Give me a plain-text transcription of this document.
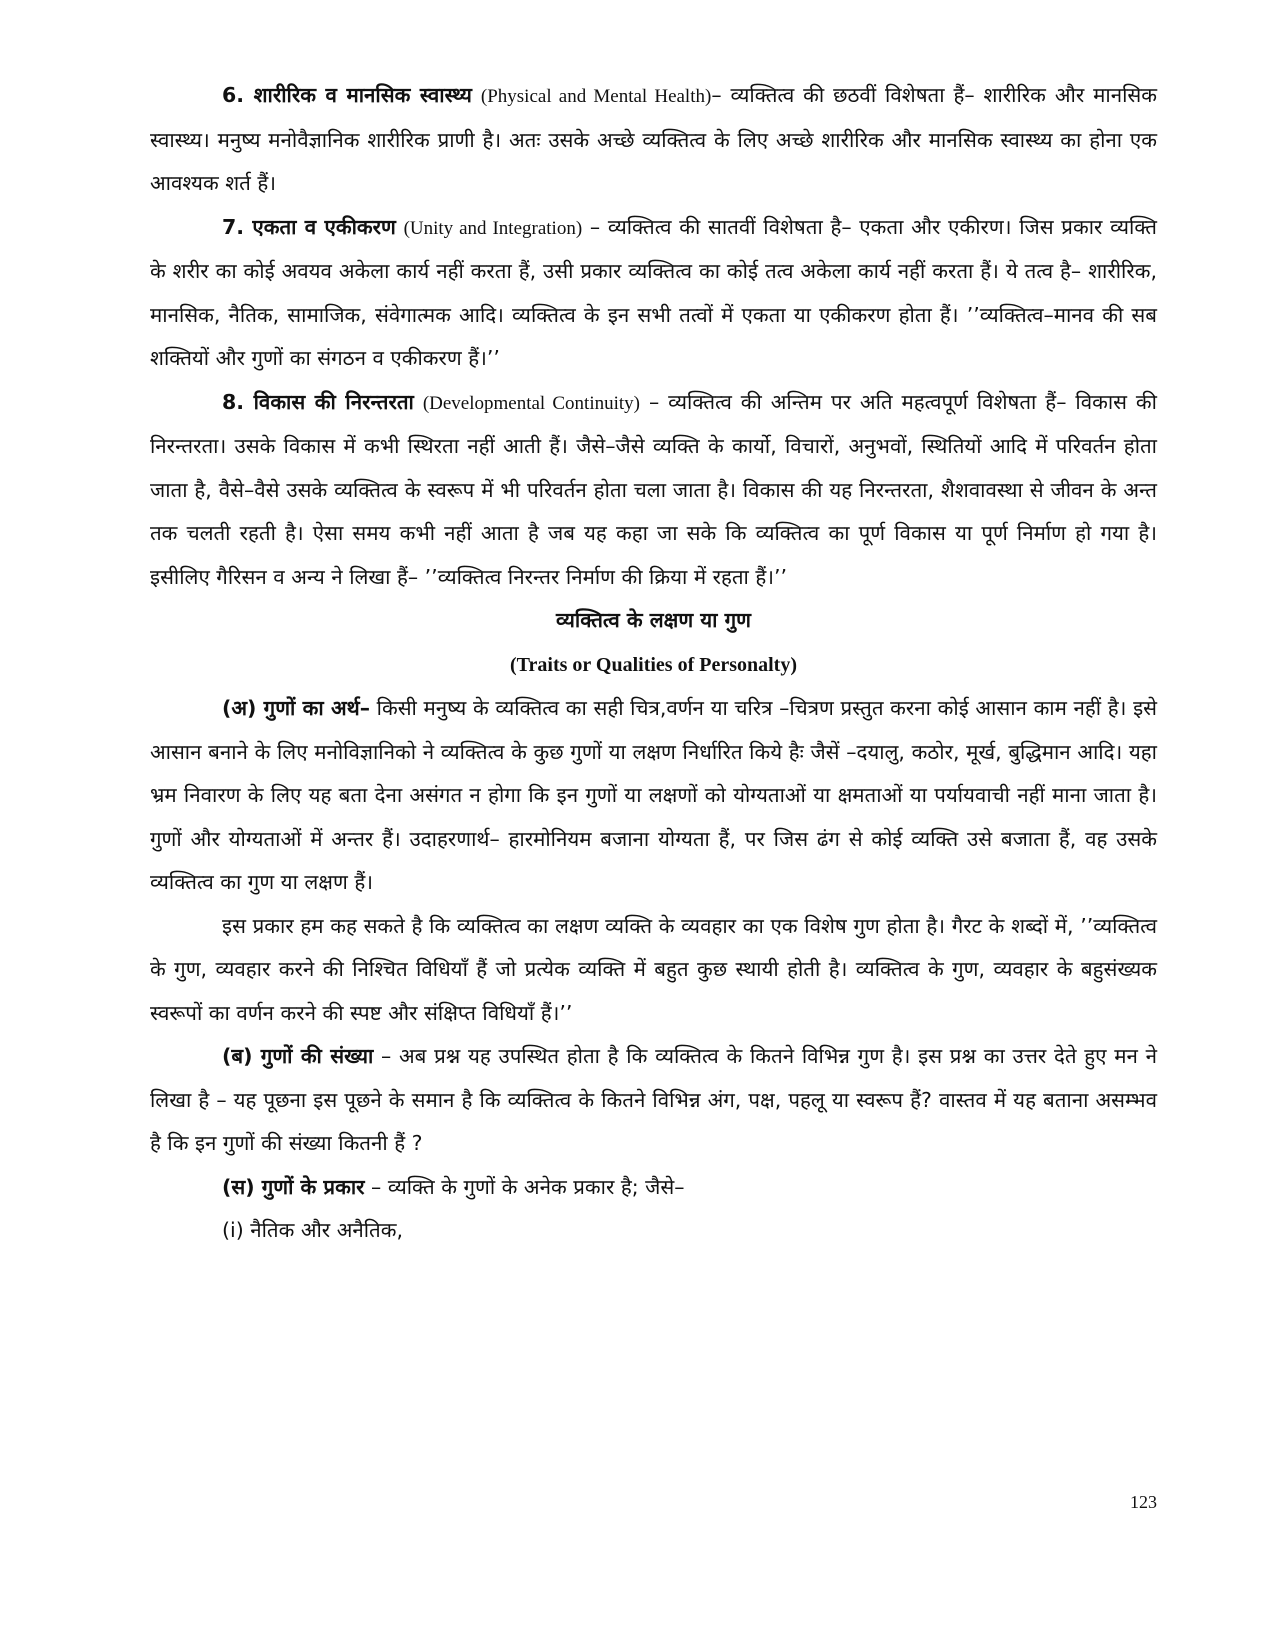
6. शारीरिक व मानसिक स्वास्थ्य (Physical and Mental Health)– व्यक्तित्व की छठवीं विशेषता हैं– शारीरिक और मानसिक स्वास्थ्य। मनुष्य मनोवैज्ञानिक शारीरिक प्राणी है। अतः उसके अच्छे व्यक्तित्व के लिए अच्छे शारीरिक और मानसिक स्वास्थ्य का होना एक आवश्यक शर्त हैं।

7. एकता व एकीकरण (Unity and Integration) – व्यक्तित्व की सातवीं विशेषता है– एकता और एकीरण। जिस प्रकार व्यक्ति के शरीर का कोई अवयव अकेला कार्य नहीं करता हैं, उसी प्रकार व्यक्तित्व का कोई तत्व अकेला कार्य नहीं करता हैं। ये तत्व है– शारीरिक, मानसिक, नैतिक, सामाजिक, संवेगात्मक आदि। व्यक्तित्व के इन सभी तत्वों में एकता या एकीकरण होता हैं। ’’व्यक्तित्व–मानव की सब शक्तियों और गुणों का संगठन व एकीकरण हैं।’’

8. विकास की निरन्तरता (Developmental Continuity) – व्यक्तित्व की अन्तिम पर अति महत्वपूर्ण विशेषता हैं– विकास की निरन्तरता। उसके विकास में कभी स्थिरता नहीं आती हैं। जैसे–जैसे व्यक्ति के कार्यो, विचारों, अनुभवों, स्थितियों आदि में परिवर्तन होता जाता है, वैसे–वैसे उसके व्यक्तित्व के स्वरूप में भी परिवर्तन होता चला जाता है। विकास की यह निरन्तरता, शैशवावस्था से जीवन के अन्त तक चलती रहती है। ऐसा समय कभी नहीं आता है जब यह कहा जा सके कि व्यक्तित्व का पूर्ण विकास या पूर्ण निर्माण हो गया है। इसीलिए गैरिसन व अन्य ने लिखा हैं– ’’व्यक्तित्व निरन्तर निर्माण की क्रिया में रहता हैं।’’

व्यक्तित्व के लक्षण या गुण

(Traits or Qualities of Personalty)

(अ) गुणों का अर्थ– किसी मनुष्य के व्यक्तित्व का सही चित्र,वर्णन या चरित्र –चित्रण प्रस्तुत करना कोई आसान काम नहीं है। इसे आसान बनाने के लिए मनोविज्ञानिको ने व्यक्तित्व के कुछ गुणों या लक्षण निर्धारित किये हैः जैसें –दयालु, कठोर, मूर्ख, बुद्धिमान आदि। यहा भ्रम निवारण के लिए यह बता देना असंगत न होगा कि इन गुणों या लक्षणों को योग्यताओं या क्षमताओं या पर्यायवाची नहीं माना जाता है। गुणों और योग्यताओं में अन्तर हैं। उदाहरणार्थ– हारमोनियम बजाना योग्यता हैं, पर जिस ढंग से कोई व्यक्ति उसे बजाता हैं, वह उसके व्यक्तित्व का गुण या लक्षण हैं।

इस प्रकार हम कह सकते है कि व्यक्तित्व का लक्षण व्यक्ति के व्यवहार का एक विशेष गुण होता है। गैरट के शब्दों में, ’’व्यक्तित्व के गुण, व्यवहार करने की निश्चित विधियाँ हैं जो प्रत्येक व्यक्ति में बहुत कुछ स्थायी होती है। व्यक्तित्व के गुण, व्यवहार के बहुसंख्यक स्वरूपों का वर्णन करने की स्पष्ट और संक्षिप्त विधियाँ हैं।’’

(ब) गुणों की संख्या – अब प्रश्न यह उपस्थित होता है कि व्यक्तित्व के कितने विभिन्न गुण है। इस प्रश्न का उत्तर देते हुए मन ने लिखा है – यह पूछना इस पूछने के समान है कि व्यक्तित्व के कितने विभिन्न अंग, पक्ष, पहलू या स्वरूप हैं? वास्तव में यह बताना असम्भव है कि इन गुणों की संख्या कितनी हैं ?

(स) गुणों के प्रकार – व्यक्ति के गुणों के अनेक प्रकार है; जैसे–

(i) नैतिक और अनैतिक,

123
